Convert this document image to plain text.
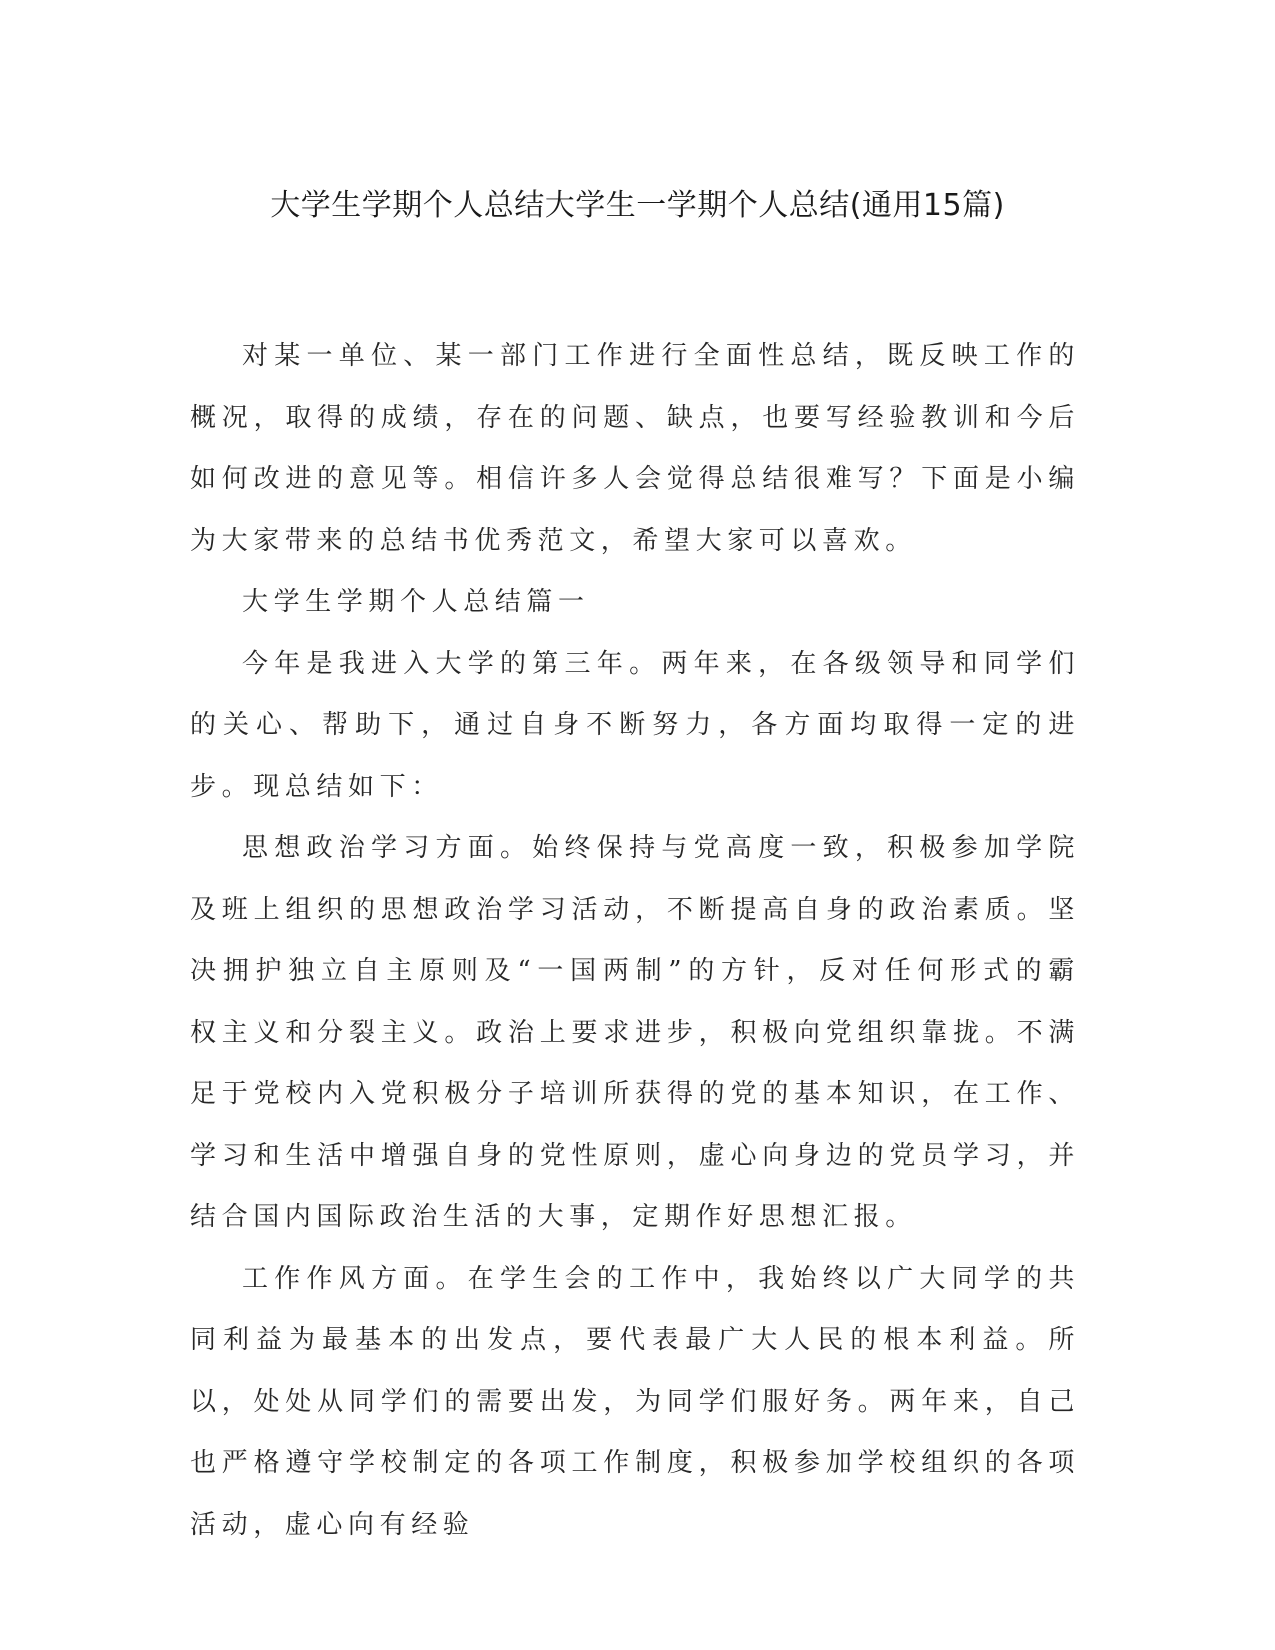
大学生学期个人总结大学生一学期个人总结(通用15篇)

对某一单位、某一部门工作进行全面性总结，既反映工作的概况，取得的成绩，存在的问题、缺点，也要写经验教训和今后如何改进的意见等。相信许多人会觉得总结很难写？下面是小编为大家带来的总结书优秀范文，希望大家可以喜欢。

大学生学期个人总结篇一

今年是我进入大学的第三年。两年来，在各级领导和同学们的关心、帮助下，通过自身不断努力，各方面均取得一定的进步。现总结如下：

思想政治学习方面。始终保持与党高度一致，积极参加学院及班上组织的思想政治学习活动，不断提高自身的政治素质。坚决拥护独立自主原则及“一国两制”的方针，反对任何形式的霸权主义和分裂主义。政治上要求进步，积极向党组织靠拢。不满足于党校内入党积极分子培训所获得的党的基本知识，在工作、学习和生活中增强自身的党性原则，虚心向身边的党员学习，并结合国内国际政治生活的大事，定期作好思想汇报。

工作作风方面。在学生会的工作中，我始终以广大同学的共同利益为最基本的出发点，要代表最广大人民的根本利益。所以，处处从同学们的需要出发，为同学们服好务。两年来，自己也严格遵守学校制定的各项工作制度，积极参加学校组织的各项活动，虚心向有经验
